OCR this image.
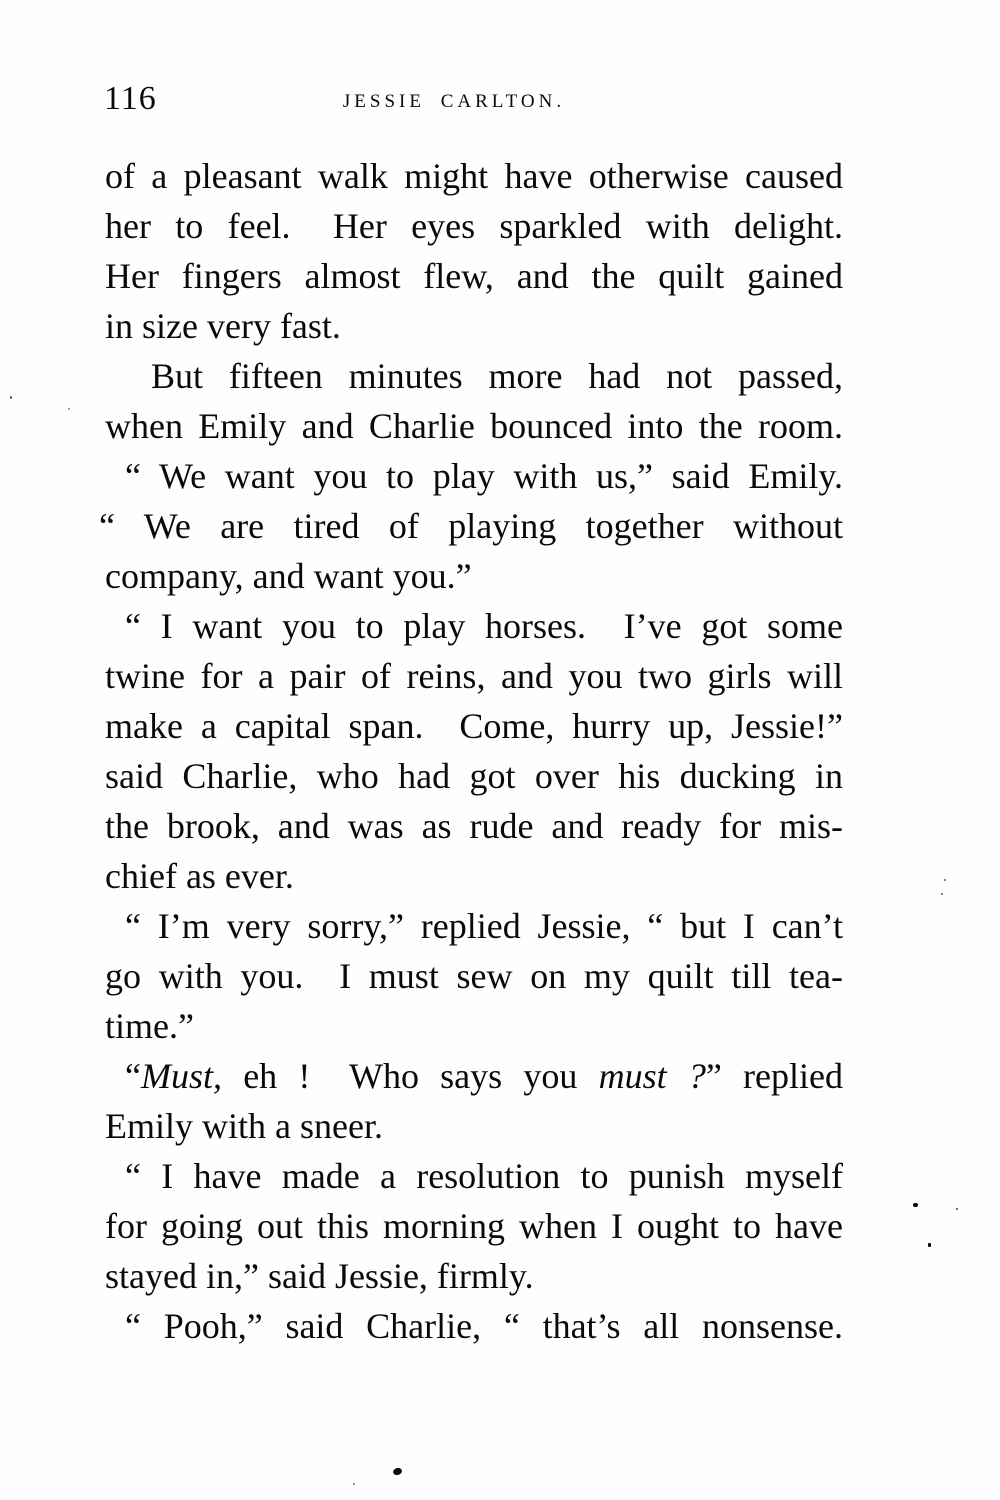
116	JESSIE CARLTON.
of a pleasant walk might have otherwise caused
her to feel.  Her eyes sparkled with delight.
Her fingers almost flew, and the quilt gained
in size very fast.
But fifteen minutes more had not passed,
when Emily and Charlie bounced into the room.
“ We want you to play with us,” said Emily.
“ We are tired of playing together without
company, and want you.”
“ I want you to play horses.  I’ve got some
twine for a pair of reins, and you two girls will
make a capital span.  Come, hurry up, Jessie!”
said Charlie, who had got over his ducking in
the brook, and was as rude and ready for mis-
chief as ever.
“ I’m very sorry,” replied Jessie, “ but I can’t
go with you.  I must sew on my quilt till tea-
time.”
“Must, eh !  Who says you must ?” replied
Emily with a sneer.
“ I have made a resolution to punish myself
for going out this morning when I ought to have
stayed in,” said Jessie, firmly.
“ Pooh,” said Charlie, “ that’s all nonsense.
